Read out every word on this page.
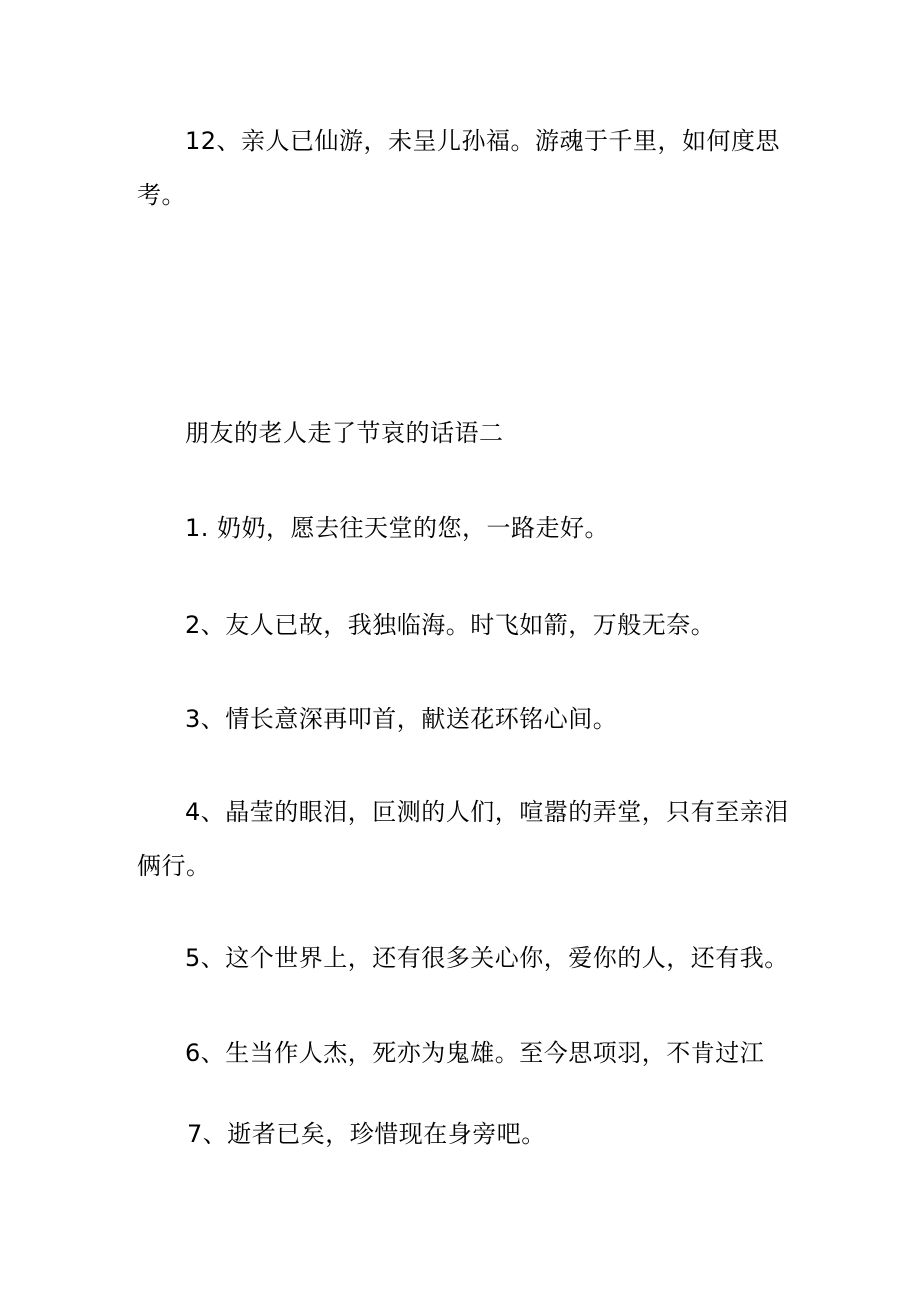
12、亲人已仙游，未呈儿孙福。游魂于千里，如何度思考。

朋友的老人走了节哀的话语二

1. 奶奶，愿去往天堂的您，一路走好。

2、友人已故，我独临海。时飞如箭，万般无奈。

3、情长意深再叩首，献送花环铭心间。

4、晶莹的眼泪，叵测的人们，喧嚣的弄堂，只有至亲泪俩行。

5、这个世界上，还有很多关心你，爱你的人，还有我。

6、生当作人杰，死亦为鬼雄。至今思项羽，不肯过江

7、逝者已矣，珍惜现在身旁吧。
